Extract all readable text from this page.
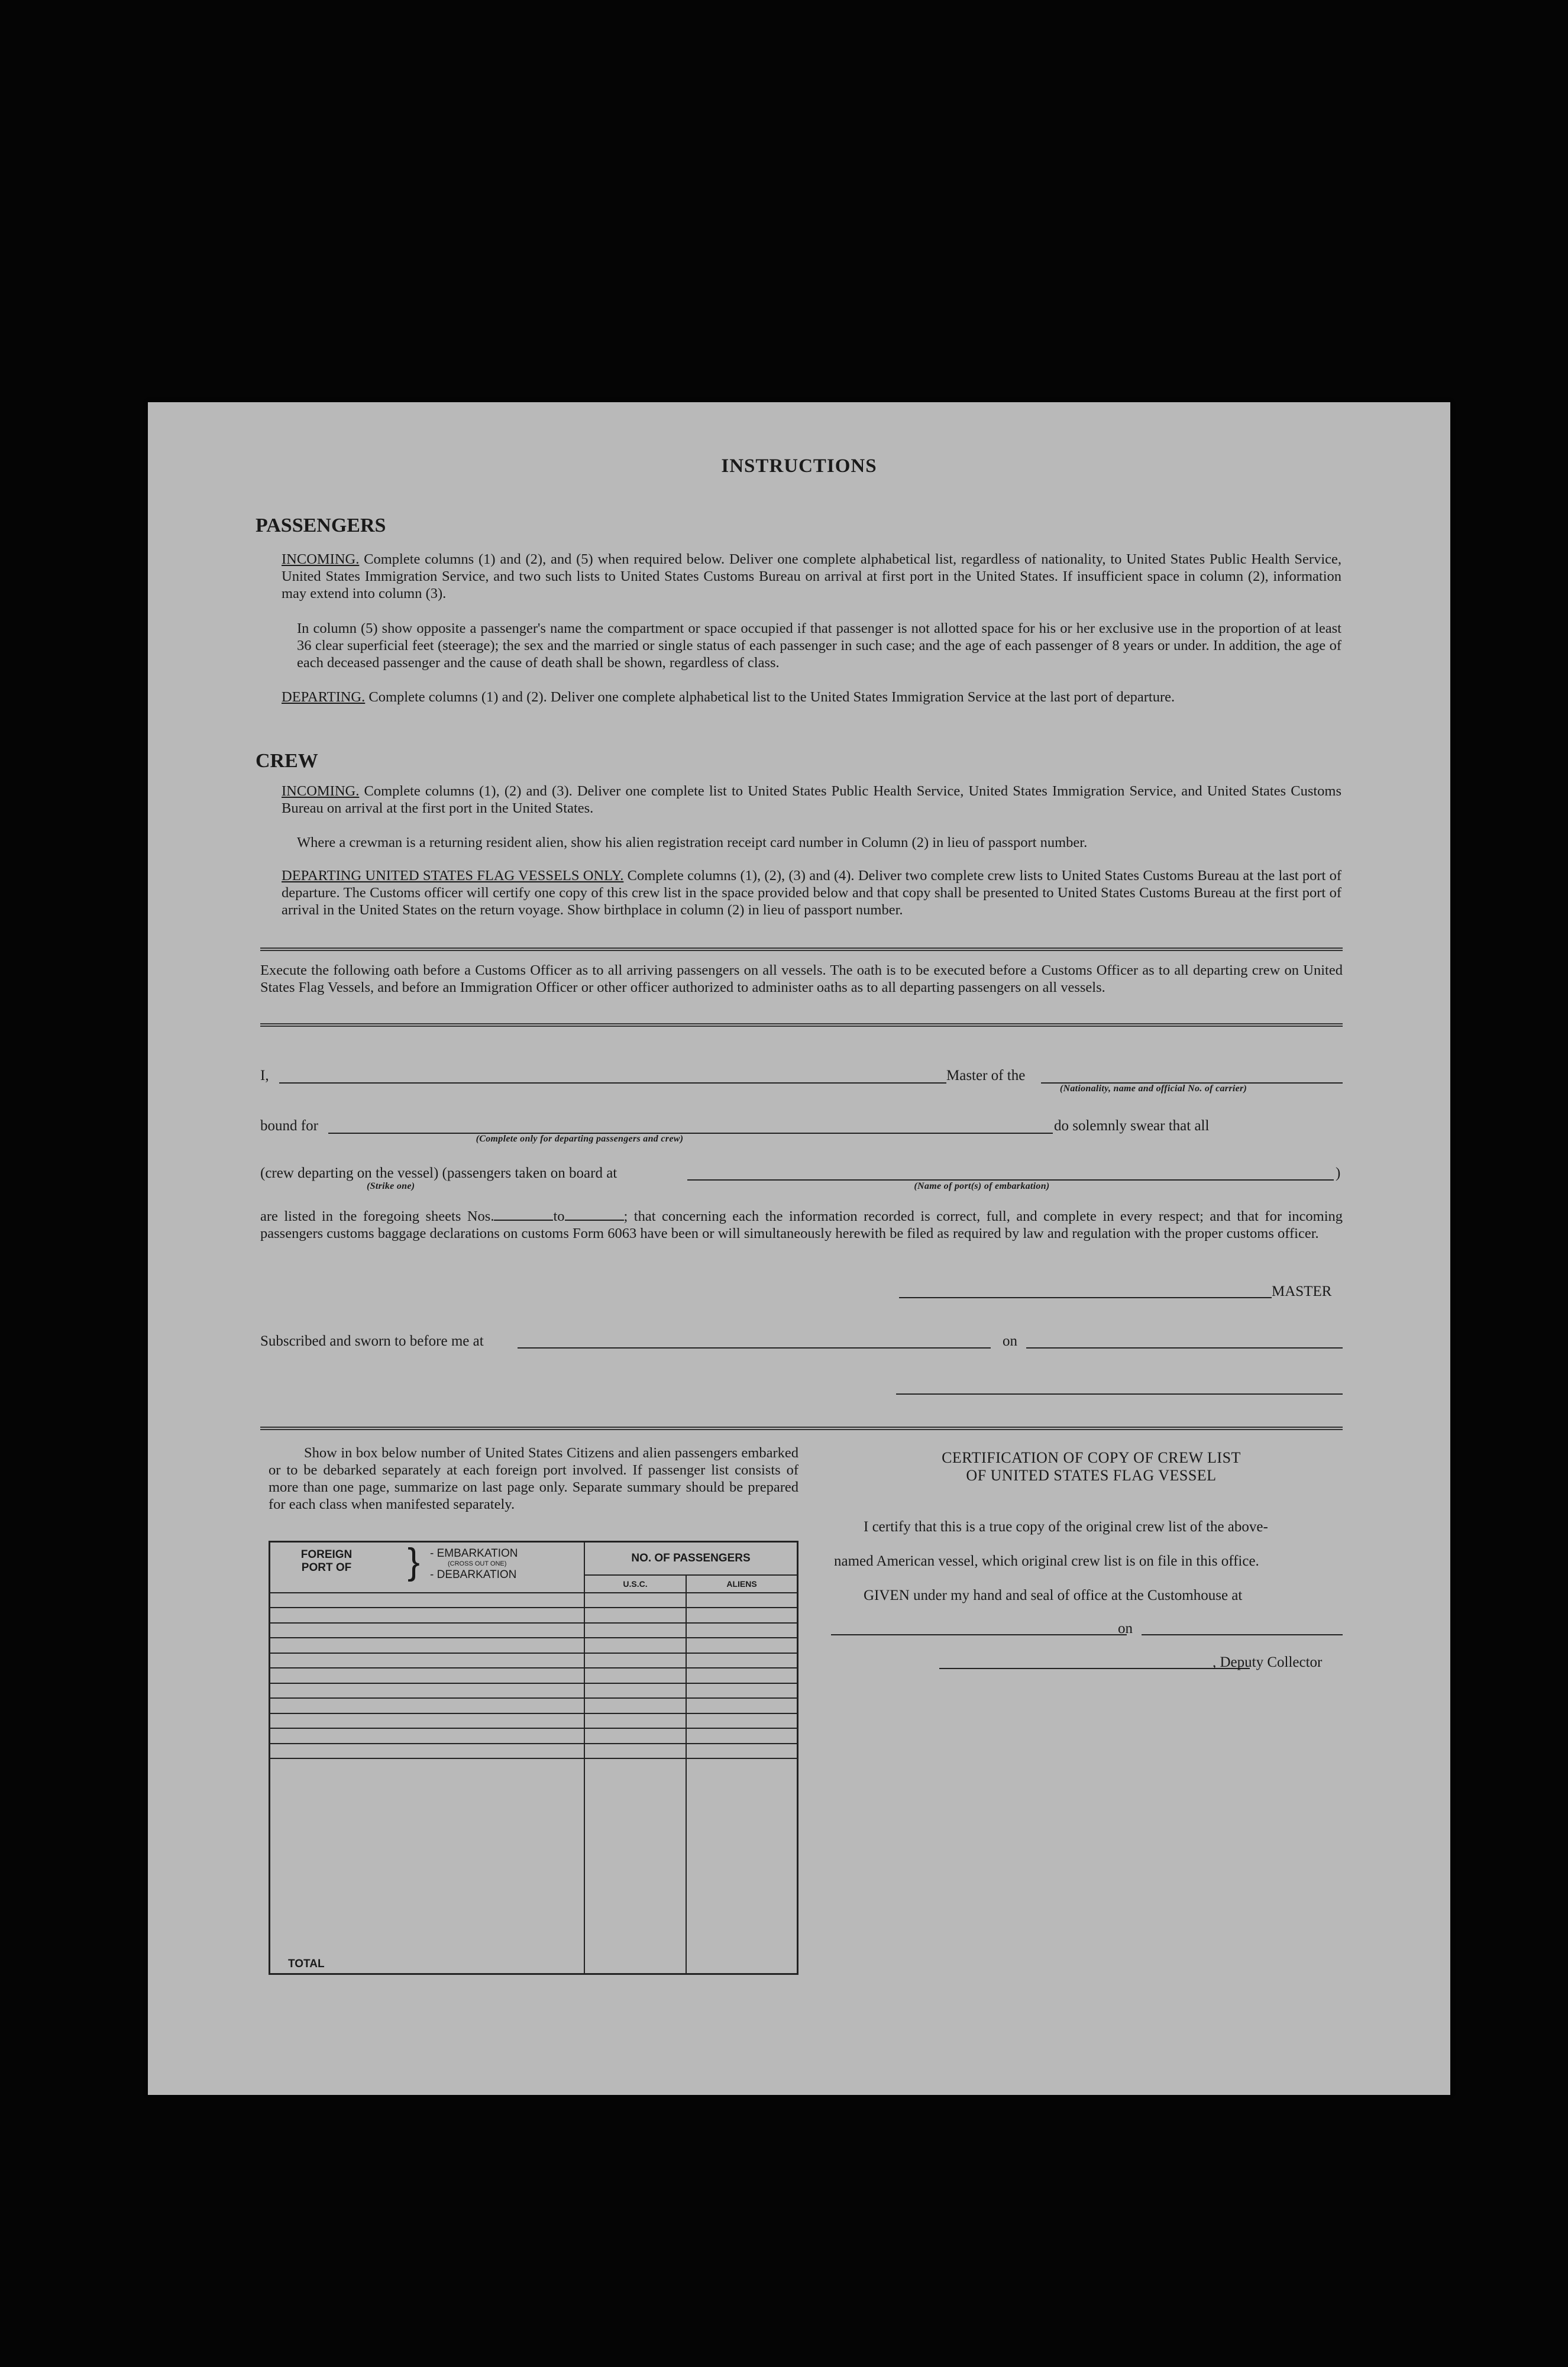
INSTRUCTIONS
PASSENGERS
INCOMING. Complete columns (1) and (2), and (5) when required below. Deliver one complete alphabetical list, regardless of nationality, to United States Public Health Service, United States Immigration Service, and two such lists to United States Customs Bureau on arrival at first port in the United States. If insufficient space in column (2), information may extend into column (3).
In column (5) show opposite a passenger's name the compartment or space occupied if that passenger is not allotted space for his or her exclusive use in the proportion of at least 36 clear superficial feet (steerage); the sex and the married or single status of each passenger in such case; and the age of each passenger of 8 years or under. In addition, the age of each deceased passenger and the cause of death shall be shown, regardless of class.
DEPARTING. Complete columns (1) and (2). Deliver one complete alphabetical list to the United States Immigration Service at the last port of departure.
CREW
INCOMING. Complete columns (1), (2) and (3). Deliver one complete list to United States Public Health Service, United States Immigration Service, and United States Customs Bureau on arrival at the first port in the United States.
Where a crewman is a returning resident alien, show his alien registration receipt card number in Column (2) in lieu of passport number.
DEPARTING UNITED STATES FLAG VESSELS ONLY. Complete columns (1), (2), (3) and (4). Deliver two complete crew lists to United States Customs Bureau at the last port of departure. The Customs officer will certify one copy of this crew list in the space provided below and that copy shall be presented to United States Customs Bureau at the first port of arrival in the United States on the return voyage. Show birthplace in column (2) in lieu of passport number.
Execute the following oath before a Customs Officer as to all arriving passengers on all vessels. The oath is to be executed before a Customs Officer as to all departing crew on United States Flag Vessels, and before an Immigration Officer or other officer authorized to administer oaths as to all departing passengers on all vessels.
I,	Master of the
(Nationality, name and official No. of carrier)
bound for
(Complete only for departing passengers and crew)
do solemnly swear that all
(crew departing on the vessel) (passengers taken on board at
(Strike one)
)
(Name of port(s) of embarkation)
are listed in the foregoing sheets Nos.	to	; that concerning each the information recorded is correct, full, and complete in every respect; and that for incoming passengers customs baggage declarations on customs Form 6063 have been or will simultaneously herewith be filed as required by law and regulation with the proper customs officer.
MASTER
Subscribed and sworn to before me at	on
Show in box below number of United States Citizens and alien passengers embarked or to be debarked separately at each foreign port involved. If passenger list consists of more than one page, summarize on last page only. Separate summary should be prepared for each class when manifested separately.
FOREIGN PORT OF } - EMBARKATION
(CROSS OUT ONE)
- DEBARKATION	NO. OF PASSENGERS	
	U.S.C.	ALIENS

TOTAL		
CERTIFICATION OF COPY OF CREW LIST
OF UNITED STATES FLAG VESSEL
I certify that this is a true copy of the original crew list of the above-
named American vessel, which original crew list is on file in this office.
GIVEN under my hand and seal of office at the Customhouse at
on
, Deputy Collector
